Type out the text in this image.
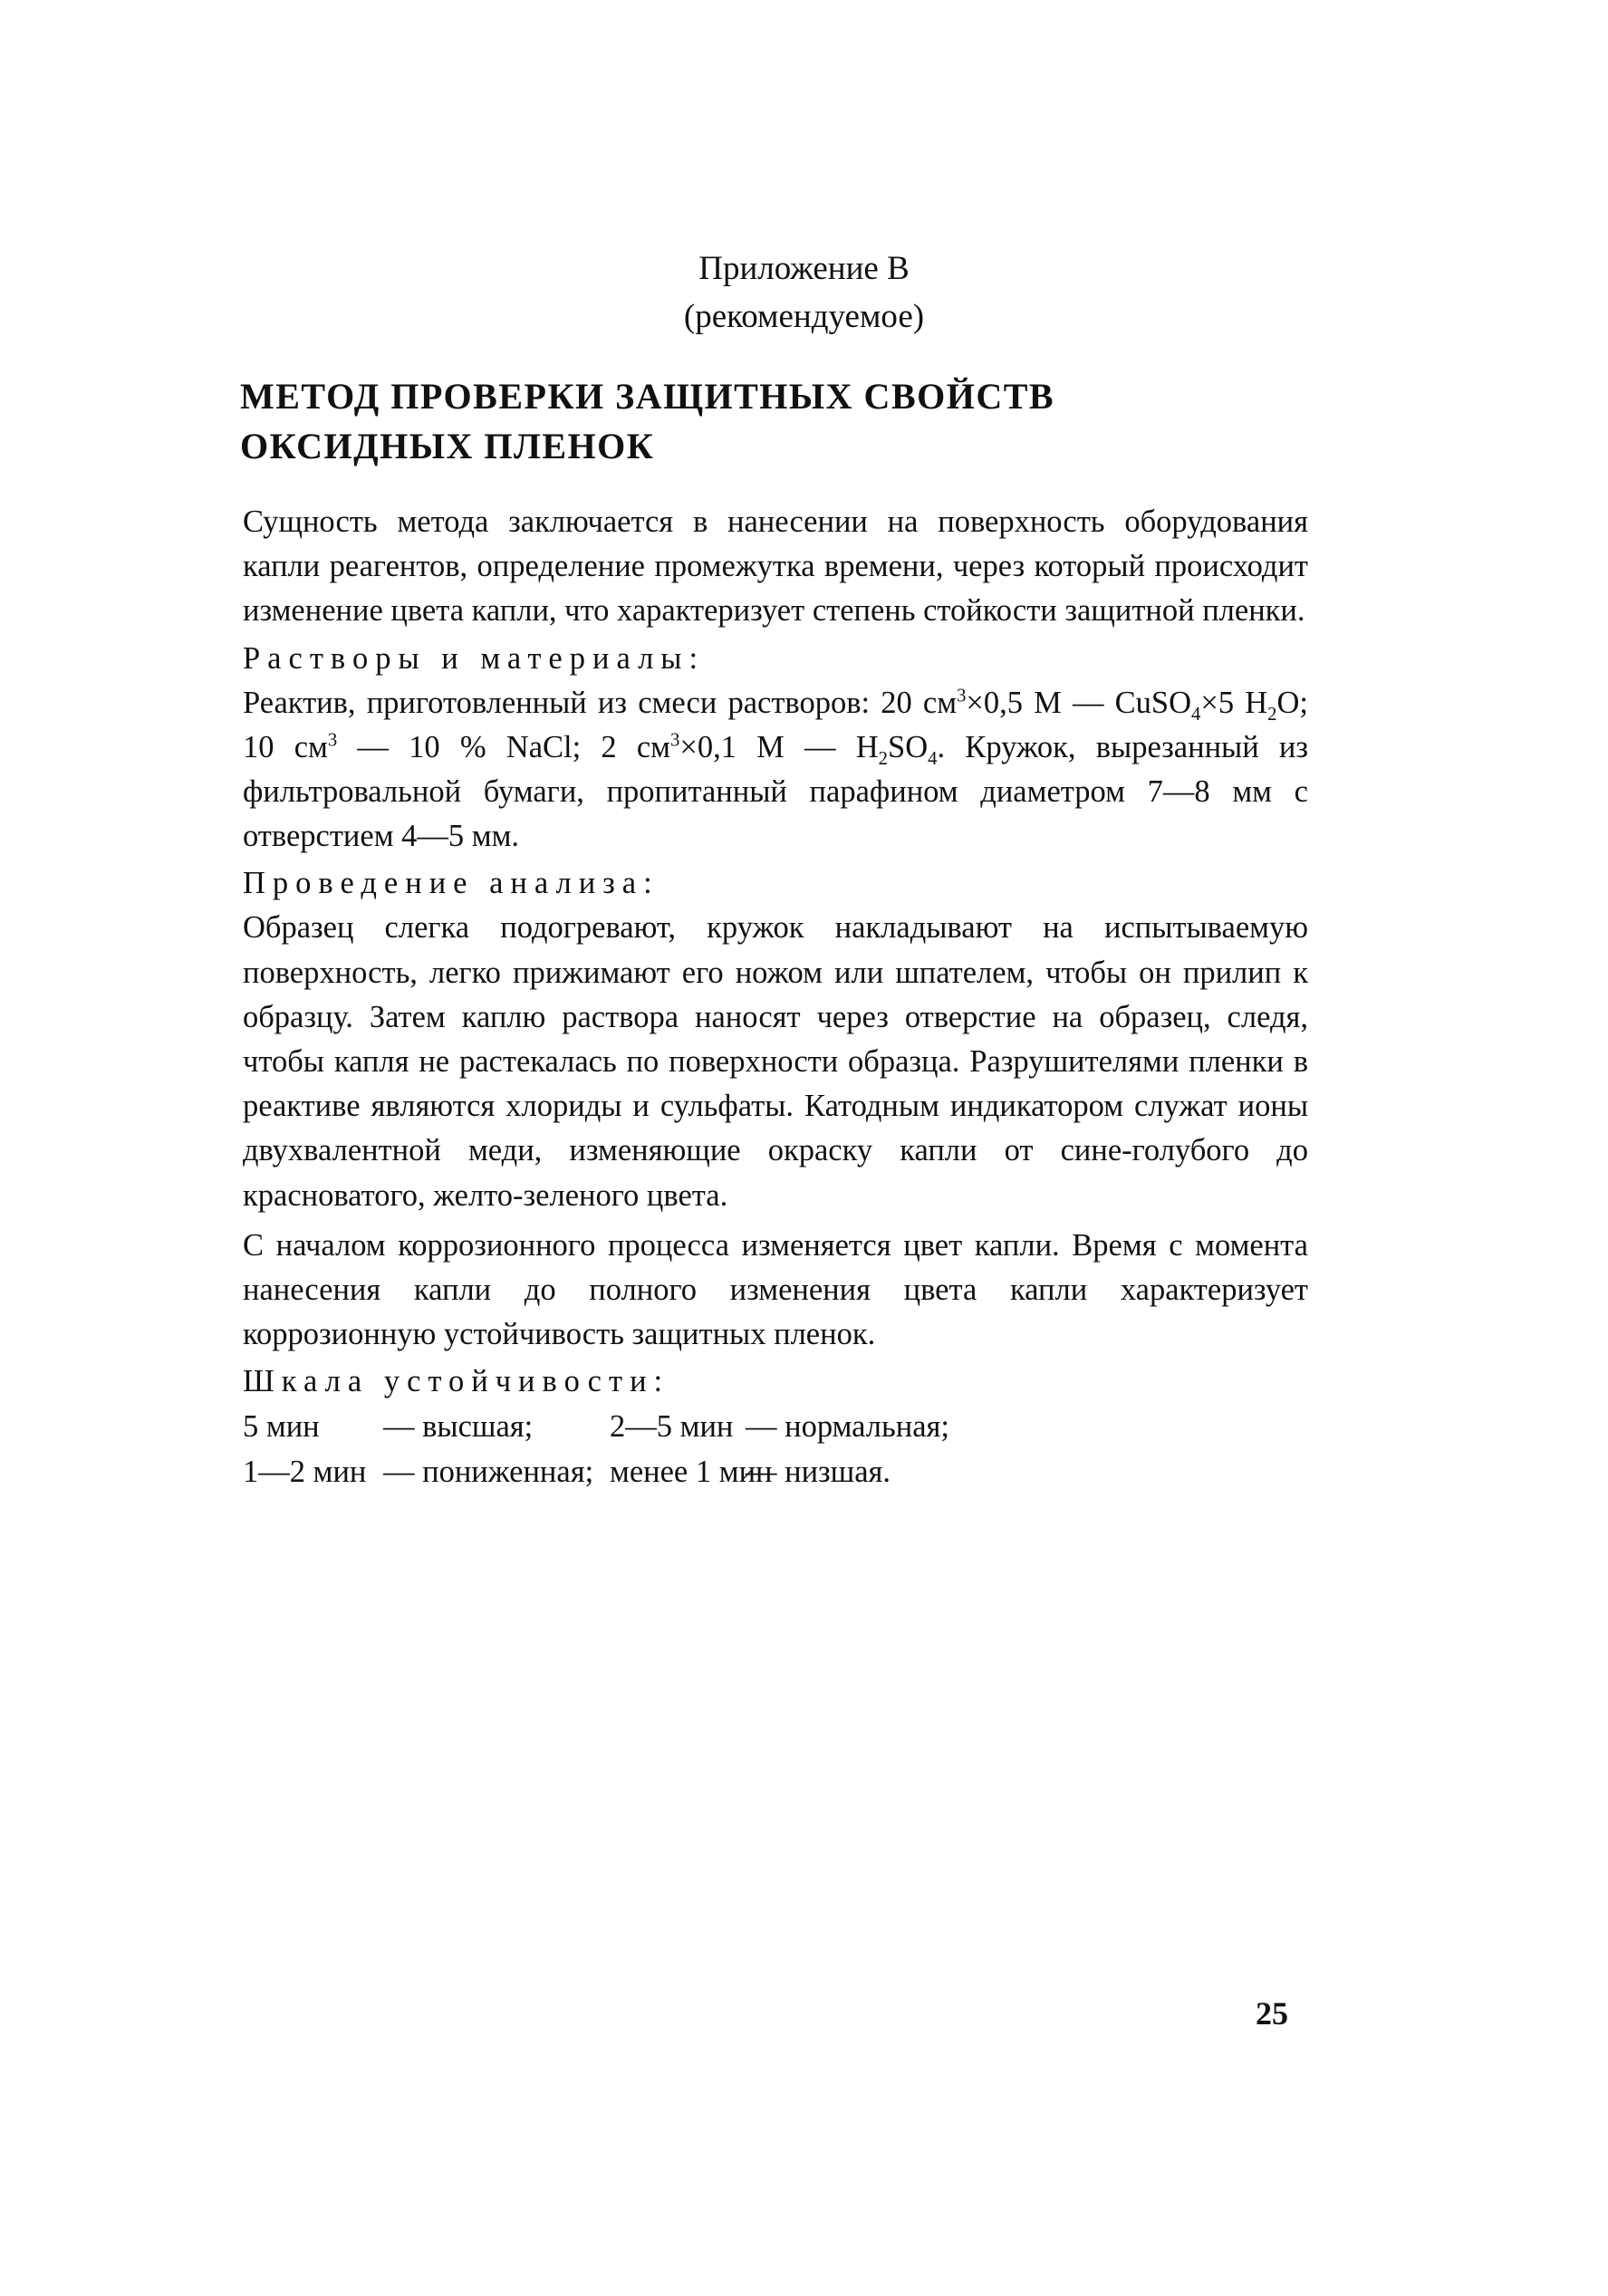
Приложение В
(рекомендуемое)
МЕТОД ПРОВЕРКИ ЗАЩИТНЫХ СВОЙСТВ
ОКСИДНЫХ ПЛЕНОК

Сущность метода заключается в нанесении на поверхность оборудования капли реагентов, определение промежутка времени, через который происходит изменение цвета капли, что характеризует степень стойкости защитной пленки.

Растворы и материалы:

Реактив, приготовленный из смеси растворов: 20 $см^3\times 0,5$ М — CuSO$_4$×5 $H_2O$; 10 $см^3$ — 10 % NaCl; 2 $см^3\times 0,1$ М — $H_2SO_4$. Кружок, вырезанный из фильтровальной бумаги, пропитанный парафином диаметром 7—8 мм с отверстием 4—5 мм.

Проведение анализа:

Образец слегка подогревают, кружок накладывают на испытываемую поверхность, легко прижимают его ножом или шпателем, чтобы он прилип к образцу. Затем каплю раствора наносят через отверстие на образец, следя, чтобы капля не растекалась по поверхности образца. Разрушителями пленки в реактиве являются хлориды и сульфаты. Катодным индикатором служат ионы двухвалентной меди, изменяющие окраску капли от сине-голубого до красноватого, желто-зеленого цвета.

С началом коррозионного процесса изменяется цвет капли. Время с момента нанесения капли до полного изменения цвета капли характеризует коррозионную устойчивость защитных пленок.

Шкала устойчивости:

5 мин	— высшая;	2—5 мин — нормальная;
1—2 мин — пониженная; менее 1 мин
— низшая.
25
